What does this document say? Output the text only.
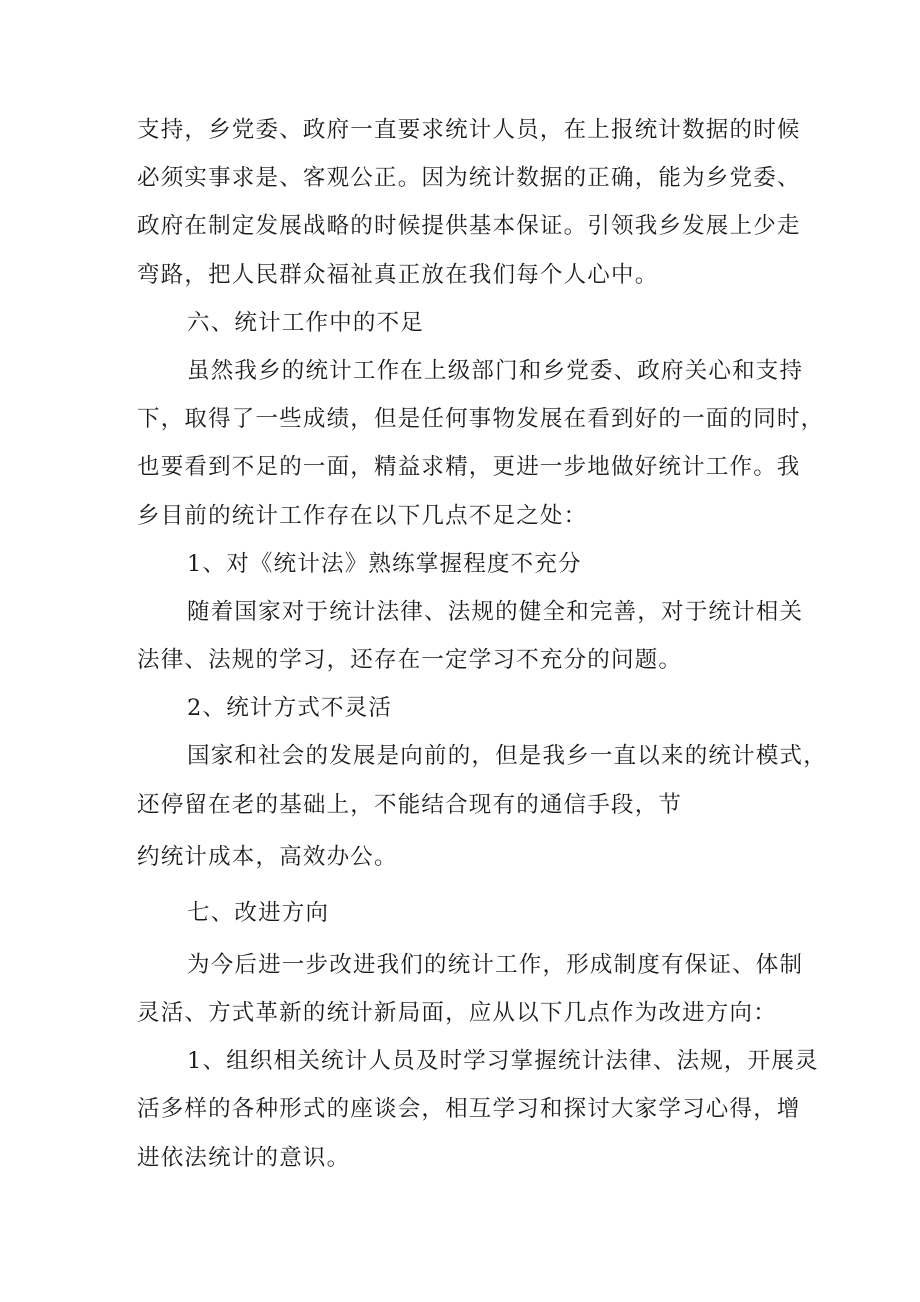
支持，乡党委、政府一直要求统计人员，在上报统计数据的时候
必须实事求是、客观公正。因为统计数据的正确，能为乡党委、
政府在制定发展战略的时候提供基本保证。引领我乡发展上少走
弯路，把人民群众福祉真正放在我们每个人心中。
六、统计工作中的不足
虽然我乡的统计工作在上级部门和乡党委、政府关心和支持
下，取得了一些成绩，但是任何事物发展在看到好的一面的同时，
也要看到不足的一面，精益求精，更进一步地做好统计工作。我
乡目前的统计工作存在以下几点不足之处：
1、对《统计法》熟练掌握程度不充分
随着国家对于统计法律、法规的健全和完善，对于统计相关
法律、法规的学习，还存在一定学习不充分的问题。
2、统计方式不灵活
国家和社会的发展是向前的，但是我乡一直以来的统计模式，
还停留在老的基础上，不能结合现有的通信手段，节
约统计成本，高效办公。
七、改进方向
为今后进一步改进我们的统计工作，形成制度有保证、体制
灵活、方式革新的统计新局面，应从以下几点作为改进方向：
1、组织相关统计人员及时学习掌握统计法律、法规，开展灵
活多样的各种形式的座谈会，相互学习和探讨大家学习心得，增
进依法统计的意识。
